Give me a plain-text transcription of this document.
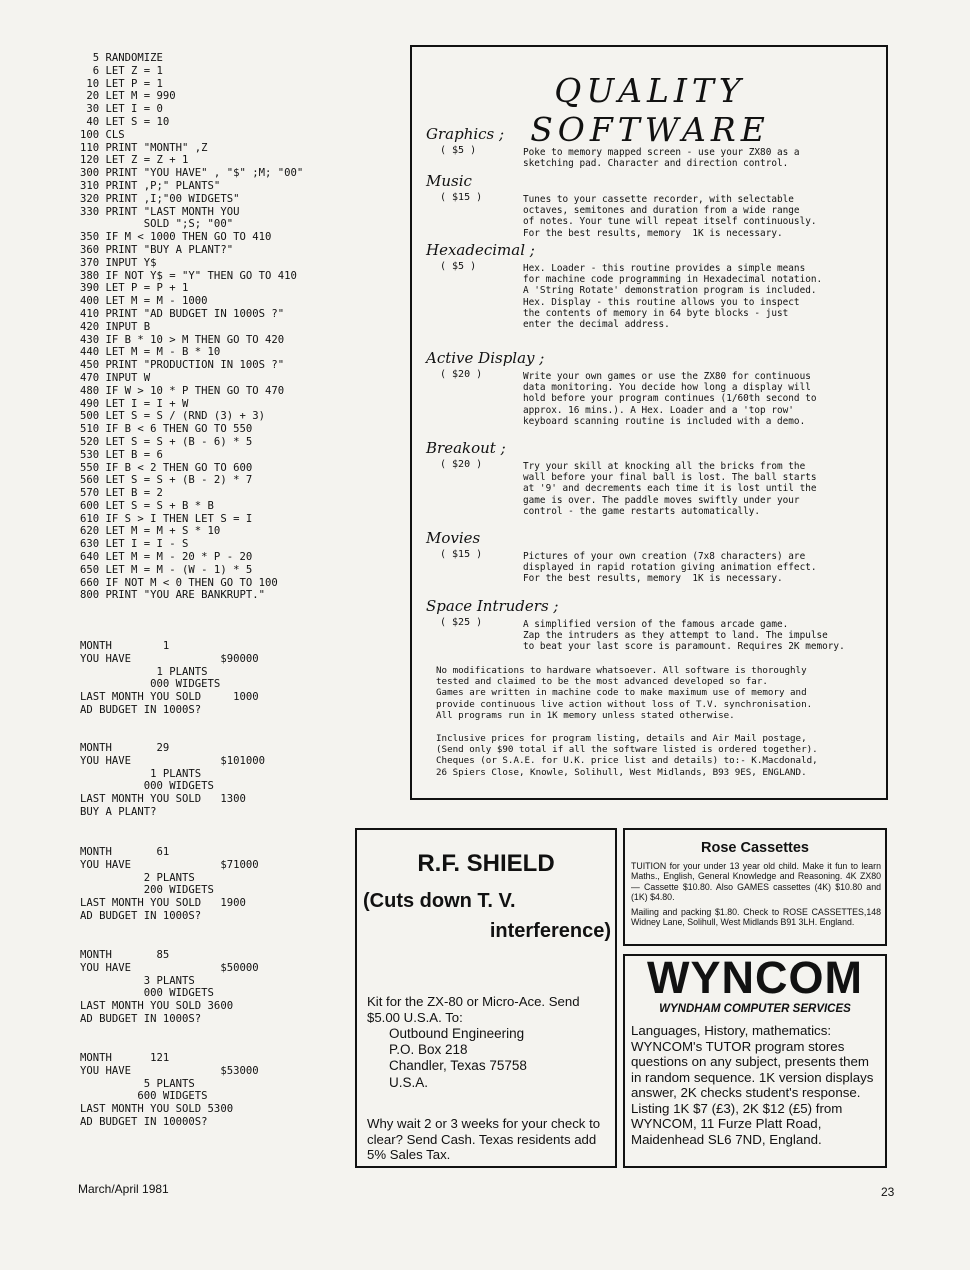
5 RANDOMIZE
6 LET Z = 1
10 LET P = 1
20 LET M = 990
30 LET I = 0
40 LET S = 10
100 CLS
110 PRINT "MONTH" ,Z
120 LET Z = Z + 1
300 PRINT "YOU HAVE" , "$" ;M; "00"
310 PRINT ,P;" PLANTS"
320 PRINT ,I;"00 WIDGETS"
330 PRINT "LAST MONTH YOU
SOLD ";S; "00"
350 IF M < 1000 THEN GO TO 410
360 PRINT "BUY A PLANT?"
370 INPUT Y$
380 IF NOT Y$ = "Y" THEN GO TO 410
390 LET P = P + 1
400 LET M = M - 1000
410 PRINT "AD BUDGET IN 1000S ?"
420 INPUT B
430 IF B * 10 > M THEN GO TO 420
440 LET M = M - B * 10
450 PRINT "PRODUCTION IN 100S ?"
470 INPUT W
480 IF W > 10 * P THEN GO TO 470
490 LET I = I + W
500 LET S = S / (RND (3) + 3)
510 IF B < 6 THEN GO TO 550
520 LET S = S + (B - 6) * 5
530 LET B = 6
550 IF B < 2 THEN GO TO 600
560 LET S = S + (B - 2) * 7
570 LET B = 2
600 LET S = S + B * B
610 IF S > I THEN LET S = I
620 LET M = M + S * 10
630 LET I = I - S
640 LET M = M - 20 * P - 20
650 LET M = M - (W - 1) * 5
660 IF NOT M < 0 THEN GO TO 100
800 PRINT "YOU ARE BANKRUPT."
MONTH        1
YOU HAVE              $90000
1 PLANTS
000 WIDGETS
LAST MONTH YOU SOLD     1000
AD BUDGET IN 1000S?
MONTH       29
YOU HAVE              $101000
1 PLANTS
000 WIDGETS
LAST MONTH YOU SOLD   1300
BUY A PLANT?
MONTH       61
YOU HAVE              $71000
2 PLANTS
200 WIDGETS
LAST MONTH YOU SOLD   1900
AD BUDGET IN 1000S?
MONTH       85
YOU HAVE              $50000
3 PLANTS
000 WIDGETS
LAST MONTH YOU SOLD 3600
AD BUDGET IN 1000S?
MONTH      121
YOU HAVE              $53000
5 PLANTS
600 WIDGETS
LAST MONTH YOU SOLD 5300
AD BUDGET IN 10000S?
QUALITY SOFTWARE
Graphics ;
( $5 )	Poke to memory mapped screen - use your ZX80 as a
sketching pad. Character and direction control.
Music
( $15 )	Tunes to your cassette recorder, with selectable
octaves, semitones and duration from a wide range
of notes. Your tune will repeat itself continuously.
For the best results, memory  1K is necessary.
Hexadecimal ;
( $5 )	Hex. Loader - this routine provides a simple means
for machine code programming in Hexadecimal notation.
A 'String Rotate' demonstration program is included.
Hex. Display - this routine allows you to inspect
the contents of memory in 64 byte blocks - just
enter the decimal address.
Active Display ;
( $20 )	Write your own games or use the ZX80 for continuous
data monitoring. You decide how long a display will
hold before your program continues (1/60th second to
approx. 16 mins.). A Hex. Loader and a 'top row'
keyboard scanning routine is included with a demo.
Breakout ;
( $20 )	Try your skill at knocking all the bricks from the
wall before your final ball is lost. The ball starts
at '9' and decrements each time it is lost until the
game is over. The paddle moves swiftly under your
control - the game restarts automatically.
Movies
( $15 )	Pictures of your own creation (7x8 characters) are
displayed in rapid rotation giving animation effect.
For the best results, memory  1K is necessary.
Space Intruders ;
( $25 )	A simplified version of the famous arcade game.
Zap the intruders as they attempt to land. The impulse
to beat your last score is paramount. Requires 2K memory.
No modifications to hardware whatsoever. All software is thoroughly
tested and claimed to be the most advanced developed so far.
Games are written in machine code to make maximum use of memory and
provide continuous live action without loss of T.V. synchronisation.
All programs run in 1K memory unless stated otherwise.
Inclusive prices for program listing, details and Air Mail postage,
(Send only $90 total if all the software listed is ordered together).
Cheques (or S.A.E. for U.K. price list and details) to:- K.Macdonald,
26 Spiers Close, Knowle, Solihull, West Midlands, B93 9ES, ENGLAND.
R.F. SHIELD
(Cuts down T. V.
interference)
Kit for the ZX-80 or Micro-Ace. Send $5.00 U.S.A. To:
Outbound Engineering
P.O. Box 218
Chandler, Texas 75758
U.S.A.
Why wait 2 or 3 weeks for your check to clear? Send Cash. Texas residents add 5% Sales Tax.
Rose Cassettes
TUITION for your under 13 year old child. Make it fun to learn Maths., English, General Knowledge and Reasoning. 4K ZX80 — Cassette $10.80. Also GAMES cassettes (4K) $10.80 and (1K) $4.80.
Mailing and packing $1.80. Check to ROSE CASSETTES,148 Widney Lane, Solihull, West Midlands B91 3LH. England.
WYNCOM
WYNDHAM COMPUTER SERVICES
Languages, History, mathematics: WYNCOM's TUTOR program stores questions on any subject, presents them in random sequence. 1K version displays answer, 2K checks student's response. Listing 1K $7 (£3), 2K $12 (£5) from WYNCOM, 11 Furze Platt Road, Maidenhead SL6 7ND, England.
March/April 1981	23
